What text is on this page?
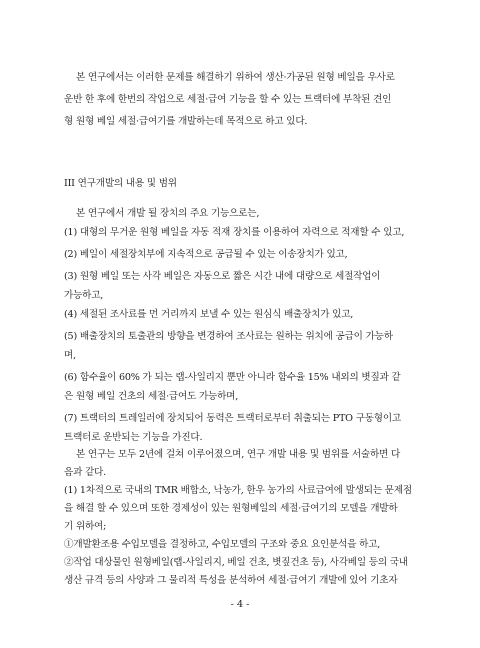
본 연구에서는 이러한 문제를 해결하기 위하여 생산·가공된 원형 베일을 우사로
운반 한 후에 한번의 작업으로 세절·급여 기능을 할 수 있는 트랙터에 부착된 견인
형 원형 베일 세절·급여기를 개발하는데 목적으로 하고 있다.
III 연구개발의 내용 및 범위
본 연구에서 개발 될 장치의 주요 기능으로는,
(1) 대형의 무거운 원형 베일을 자동 적재 장치를 이용하여 자력으로 적재할 수 있고,
(2) 베일이 세절장치부에 지속적으로 공급될 수 있는 이송장치가 있고,
(3) 원형 베일 또는 사각 베일은 자동으로 짧은 시간 내에 대량으로 세절작업이
가능하고,
(4) 세절된 조사료를 먼 거리까지 보낼 수 있는 원심식 배출장치가 있고,
(5) 배출장치의 토출관의 방향을 변경하여 조사료는 원하는 위치에 공급이 가능하
며,
(6) 함수율이 60% 가 되는 랩-사일리지 뿐만 아니라 함수율 15% 내외의 볏짚과 같
은 원형 베일 건초의 세절·급여도 가능하며,
(7) 트랙터의 트레일러에 장치되어 동력은 트랙터로부터 취출되는 PTO 구동형이고
트랙터로 운반되는 기능을 가진다.
본 연구는 모두 2년에 걸쳐 이루어졌으며, 연구 개발 내용 및 범위를 서술하면 다
음과 같다.
(1) 1차적으로 국내의 TMR 배합소, 낙농가, 한우 농가의 사료급여에 발생되는 문제점
을 해결 할 수 있으며 또한 경제성이 있는 원형베일의 세절·급여기의 모델을 개발하
기 위하여;
①개발환조용 수입모델을 결정하고, 수입모델의 구조와 중요 요인분석을 하고,
②작업 대상물인 원형베일(랩-사일리지, 베일 건초, 볏짚건초 등), 사각베일 등의 국내
- 4 -
생산 규격 등의 사양과 그 물리적 특성을 분석하여 세절·급여기 개발에 있어 기초자
